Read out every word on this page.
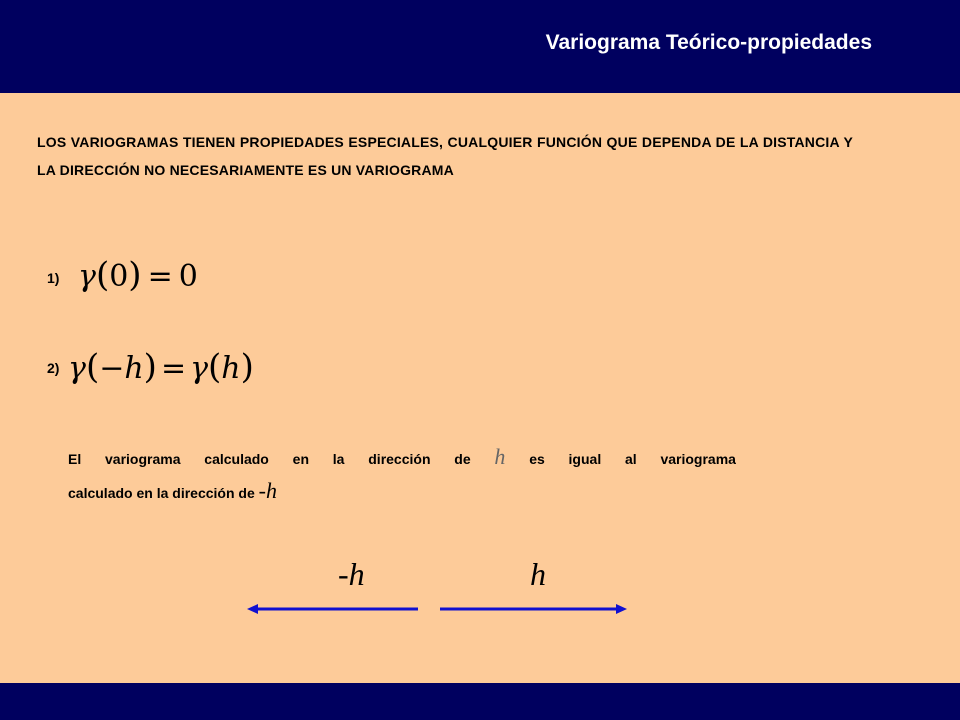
Variograma Teórico-propiedades
LOS VARIOGRAMAS TIENEN PROPIEDADES ESPECIALES, CUALQUIER FUNCIÓN QUE DEPENDA DE LA DISTANCIA Y LA DIRECCIÓN NO NECESARIAMENTE ES UN VARIOGRAMA
1) γ(0) = 0
2) γ(−h) = γ(h)
El variograma calculado en la dirección de h es igual al variograma
calculado en la dirección de -h
-h	h
